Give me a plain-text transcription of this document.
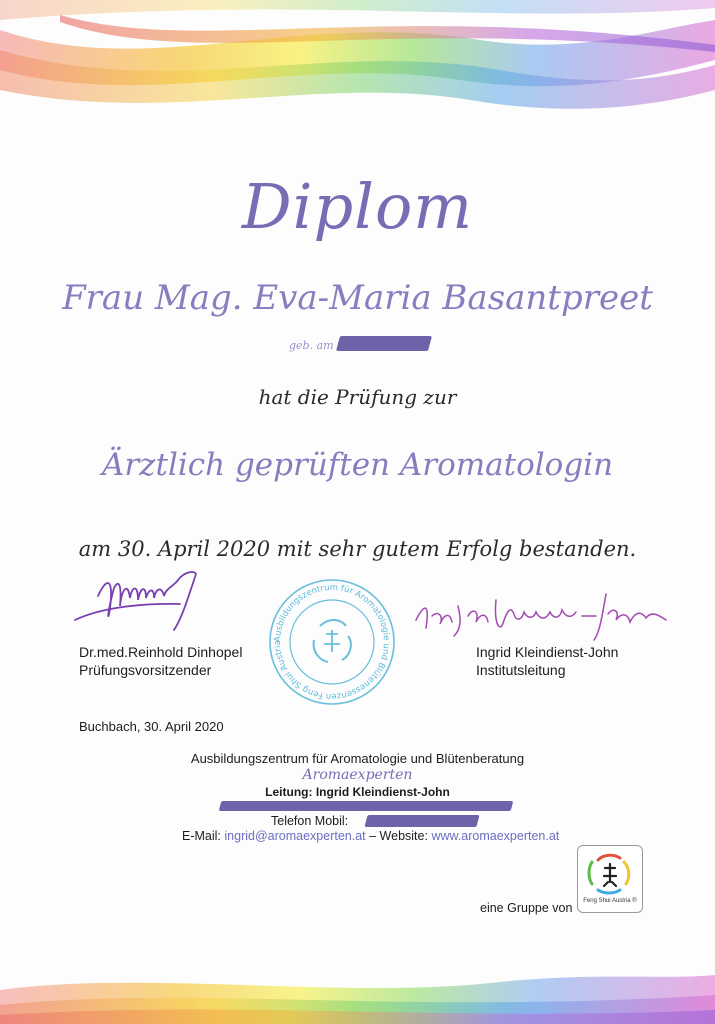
Diplom
Frau Mag. Eva-Maria Basantpreet
geb. am
hat die Prüfung zur
Ärztlich geprüften Aromatologin
am 30. April 2020 mit sehr gutem Erfolg bestanden.
Dr.med.Reinhold Dinhopel
Prüfungsvorsitzender
Ausbildungszentrum für Aromatologie und Blütenessenzen Feng Shui Austria
Ingrid Kleindienst-John
Institutsleitung
Buchbach, 30. April 2020
Ausbildungszentrum für Aromatologie und Blütenberatung
Aromaexperten
Leitung: Ingrid Kleindienst-John
Telefon Mobil:
E-Mail: ingrid@aromaexperten.at – Website: www.aromaexperten.at
eine Gruppe von	Feng Shui Austria ®
